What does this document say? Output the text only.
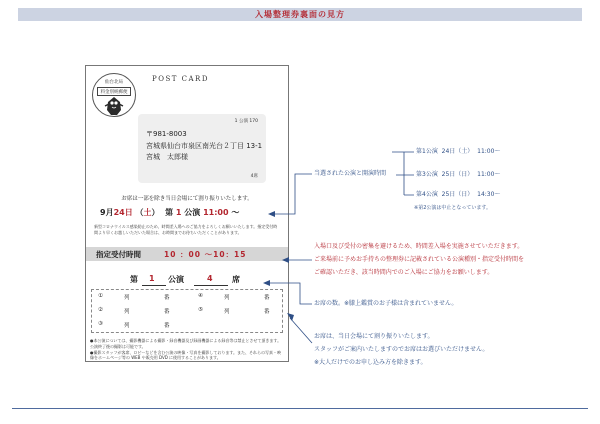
入場整理券裏面の見方
仙台北局
料金別納郵便
POST CARD
1 公演 170
〒981-8003
宮城県仙台市泉区南光台２丁目 13-1
宮城　太郎様
4席
お席は一部を除き当日会場にて割り振りいたします。
9月24日 （土） 第 1 公演 11:00 〜
新型コロナウイルス感染防止のため、時間差入場へのご協力をよろしくお願いいたします。指定受付時間より早くお越しいただいた場合は、お時間までお待ちいただくことがあります。
指定受付時間	10 ：00 〜10：15
第 1 公演	4 席
①	列	番	④	列	番
②	列	番	⑤	列	番
③	列	番
●本公演については、撮影機器による撮影・録音機器及び録画機器による録音等は禁止とさせて頂きます。公演終了後の撮影は可能です。
●撮影スタッフが客席、ロビーなどを含む公演の映像・写真を撮影しております。また、それらの写真・映像をホームページ等の WEB や販売用 DVD に使用することがあります。
当選された公演と開演時間
第1公演 24日（土） 11:00〜
第3公演 25日（日） 11:00〜
第4公演 25日（日） 14:30〜
※第2公演は中止となっています。
入場口及び受付の密集を避けるため、時間差入場を実施させていただきます。
ご来場前に予めお手持ちの整理券に記載されている公演種別・指定受付時間を
ご確認いただき、該当時間内でのご入場にご協力をお願いします。
お席の数。※膝上鑑賞のお子様は含まれていません。
お席は、当日会場にて割り振りいたします。
スタッフがご案内いたしますのでお席はお選びいただけません。
※大人だけでのお申し込み方を除きます。
